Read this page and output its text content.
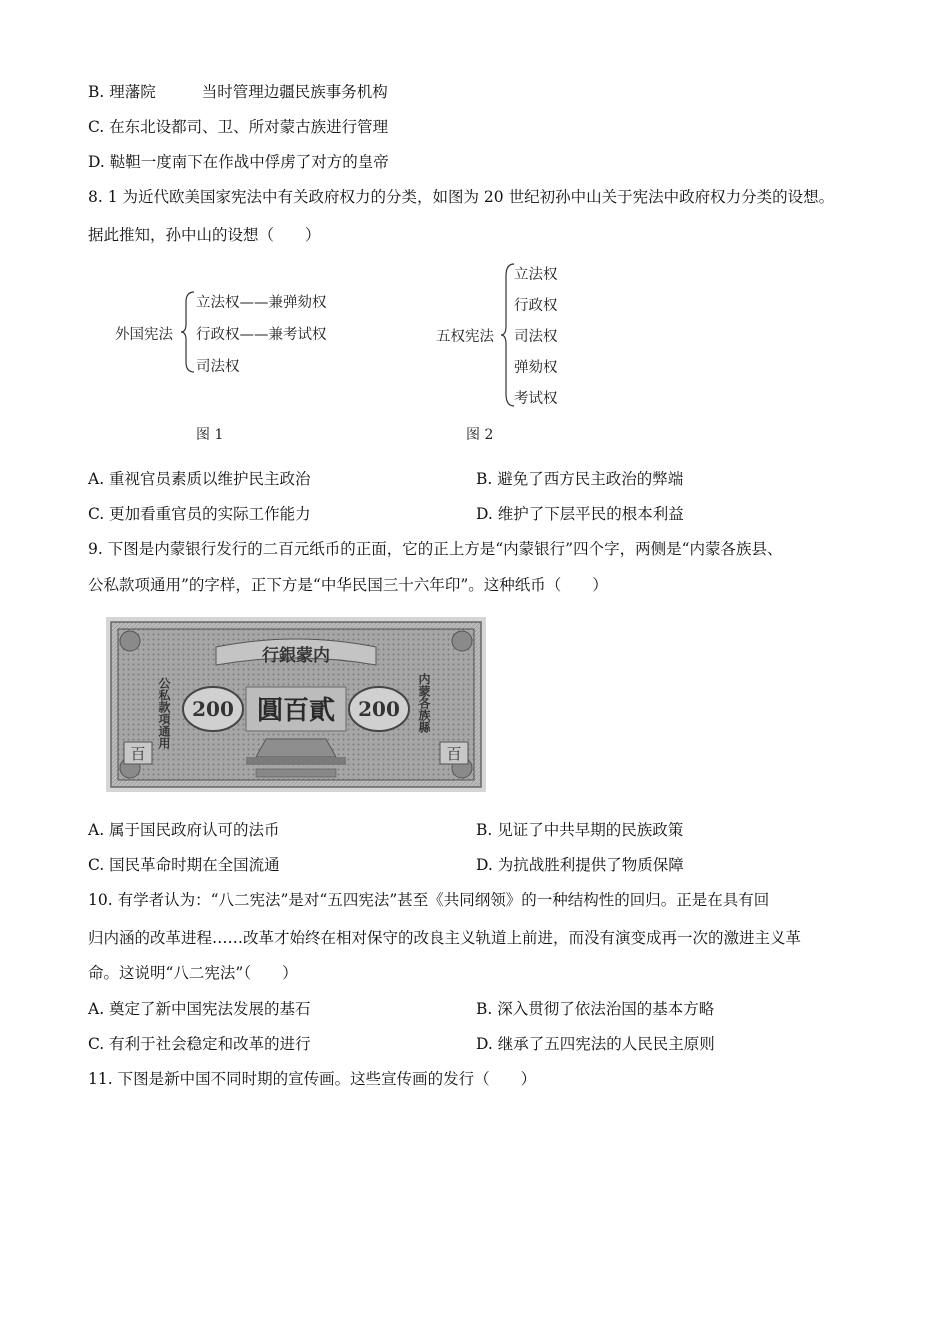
B. 理藩院	当时管理边疆民族事务机构
C. 在东北设都司、卫、所对蒙古族进行管理
D. 鞑靼一度南下在作战中俘虏了对方的皇帝
8. 1 为近代欧美国家宪法中有关政府权力的分类，如图为 20 世纪初孙中山关于宪法中政府权力分类的设想。
据此推知，孙中山的设想（　　）
外国宪法
立法权——兼弹劾权
行政权——兼考试权
司法权
图 1
五权宪法
立法权
行政权
司法权
弹劾权
考试权
图 2
A. 重视官员素质以维护民主政治	B. 避免了西方民主政治的弊端
C. 更加看重官员的实际工作能力	D. 维护了下层平民的根本利益
9. 下图是内蒙银行发行的二百元纸币的正面，它的正上方是“内蒙银行”四个字，两侧是“内蒙各族县、
公私款项通用”的字样，正下方是“中华民国三十六年印”。这种纸币（　　）
行銀蒙内
公私款項通用	内蒙各族縣
200	200
圓百貳
百	百
A. 属于国民政府认可的法币	B. 见证了中共早期的民族政策
C. 国民革命时期在全国流通	D. 为抗战胜利提供了物质保障
10. 有学者认为：“八二宪法”是对“五四宪法”甚至《共同纲领》的一种结构性的回归。正是在具有回
归内涵的改革进程……改革才始终在相对保守的改良主义轨道上前进，而没有演变成再一次的激进主义革
命。这说明“八二宪法”（　　）
A. 奠定了新中国宪法发展的基石	B. 深入贯彻了依法治国的基本方略
C. 有利于社会稳定和改革的进行	D. 继承了五四宪法的人民民主原则
11. 下图是新中国不同时期的宣传画。这些宣传画的发行（　　）
